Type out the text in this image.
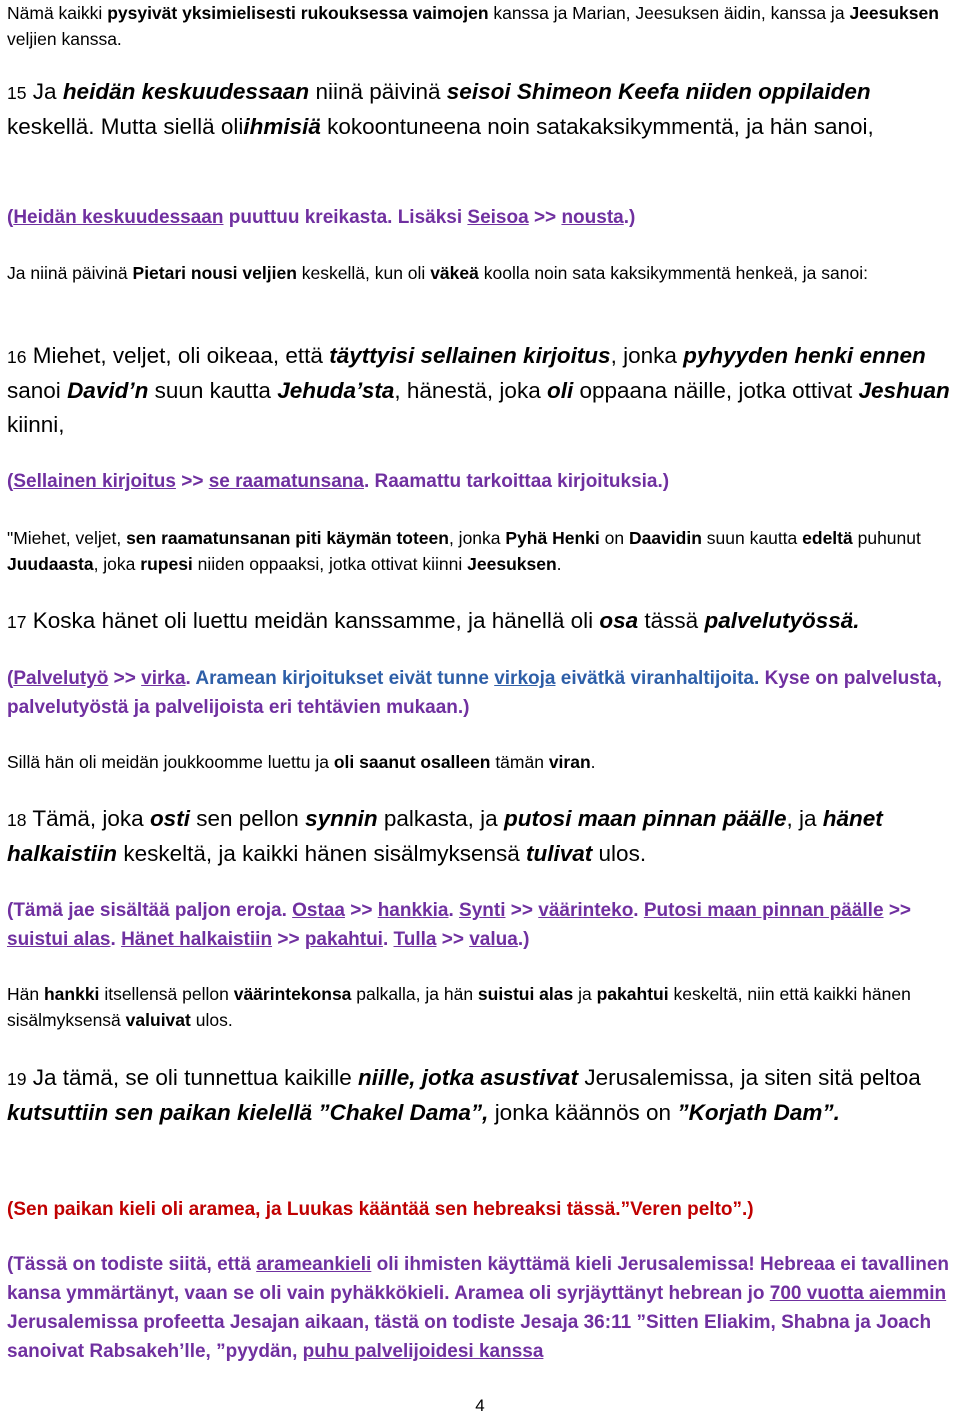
Nämä kaikki pysyivät yksimielisesti rukouksessa vaimojen kanssa ja Marian, Jeesuksen äidin, kanssa ja Jeesuksen veljien kanssa.

15 Ja heidän keskuudessaan niinä päivinä seisoi Shimeon Keefa niiden oppilaiden keskellä. Mutta siellä oliihmisiä kokoontuneena noin satakaksikymmentä, ja hän sanoi,

(Heidän keskuudessaan puuttuu kreikasta. Lisäksi Seisoa >> nousta.)

Ja niinä päivinä Pietari nousi veljien keskellä, kun oli väkeä koolla noin sata kaksikymmentä henkeä, ja sanoi:

16 Miehet, veljet, oli oikeaa, että täyttyisi sellainen kirjoitus, jonka pyhyyden henki ennen sanoi David’n suun kautta Jehuda’sta, hänestä, joka oli oppaana näille, jotka ottivat Jeshuan kiinni,

(Sellainen kirjoitus >> se raamatunsana. Raamattu tarkoittaa kirjoituksia.)

"Miehet, veljet, sen raamatunsanan piti käymän toteen, jonka Pyhä Henki on Daavidin suun kautta edeltä puhunut Juudaasta, joka rupesi niiden oppaaksi, jotka ottivat kiinni Jeesuksen.

17 Koska hänet oli luettu meidän kanssamme, ja hänellä oli osa tässä palvelutyössä.

(Palvelutyö >> virka. Aramean kirjoitukset eivät tunne virkoja eivätkä viranhaltijoita. Kyse on palvelusta, palvelutyöstä ja palvelijoista eri tehtävien mukaan.)

Sillä hän oli meidän joukkoomme luettu ja oli saanut osalleen tämän viran.

18 Tämä, joka osti sen pellon synnin palkasta, ja putosi maan pinnan päälle, ja hänet halkaistiin keskeltä, ja kaikki hänen sisälmyksensä tulivat ulos.

(Tämä jae sisältää paljon eroja. Ostaa >> hankkia. Synti >> väärinteko. Putosi maan pinnan päälle >> suistui alas. Hänet halkaistiin >> pakahtui. Tulla >> valua.)

Hän hankki itsellensä pellon väärintekonsa palkalla, ja hän suistui alas ja pakahtui keskeltä, niin että kaikki hänen sisälmyksensä valuivat ulos.

19 Ja tämä, se oli tunnettua kaikille niille, jotka asustivat Jerusalemissa, ja siten sitä peltoa kutsuttiin sen paikan kielellä ”Chakel Dama”, jonka käännös on ”Korjath Dam”.

(Sen paikan kieli oli aramea, ja Luukas kääntää sen hebreaksi tässä.”Veren pelto”.)

(Tässä on todiste siitä, että arameankieli oli ihmisten käyttämä kieli Jerusalemissa! Hebreaa ei tavallinen kansa ymmärtänyt, vaan se oli vain pyhäkkökieli. Aramea oli syrjäyttänyt hebrean jo 700 vuotta aiemmin Jerusalemissa profeetta Jesajan aikaan, tästä on todiste Jesaja 36:11 ”Sitten Eliakim, Shabna ja Joach sanoivat Rabsakeh’lle, ”pyydän, puhu palvelijoidesi kanssa

4
